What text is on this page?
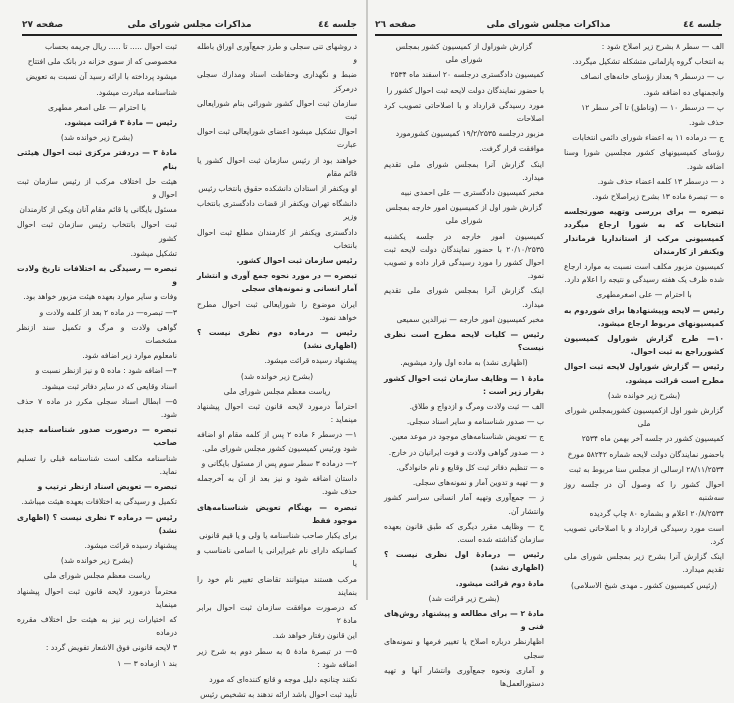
جلسه ٤٤
مذاکرات مجلس شورای ملی
صفحه ٢٧

د روشهای تنی سجلی و طرز جمع‌آوری اوراق باطله و

ضبط و نگهداری وحفاظت اسناد ومدارك سجلی درمرکز

سازمان ثبت احوال کشور شورائی بنام شورایعالی ثبت

احوال تشکیل میشود اعضای شورایعالی ثبت احوال عبارت

خواهند بود از رئیس سازمان ثبت احوال کشور یا قائم مقام

او ویکنفر از استادان دانشکده حقوق بانتخاب رئیس

دانشگاه تهران ویکنفر از قضات دادگستری بانتخاب وزیر

دادگستری ویکنفر از کارمندان مطلع ثبت احوال بانتخاب

رئیس سازمان ثبت احوال کشور.

تبصره — در مورد نحوه جمع آوری و انتشار آمار انسانی و نمونه‌های سجلی

ایران موضوع را شورایعالی ثبت احوال مطرح خواهد نمود.

رئیس — درماده دوم نظری نیست ؟ (اظهاری نشد)

پیشنهاد رسیده قرائت میشود.

(بشرح زیر خوانده شد)

ریاست معظم مجلس شورای ملی

احتراماً درمورد لایحه قانون ثبت احوال پیشنهاد مینماید :

۱— درسطر ۶ ماده ۲ پس از کلمه مقام او اضافه شود ورئیس کمیسیون کشور مجلس شورای ملی.

۲— درماده ۳ سطر سوم پس از مسئول بایگانی و

داستان اضافه شود و نیز بعد از آن به آخرجمله حذف شود.

تبصره — بهنگام تعویض شناسنامه‌های موجود فقط

برای یکبار صاحب شناسنامه یا ولی و یا قیم قانونی

کسانیکه دارای نام غیرایرانی یا اسامی نامناسب و یا

مرکب هستند میتوانند تقاضای تغییر نام خود را بنمایند

که درصورت موافقت سازمان ثبت احوال برابر مادهٔ ۲

این قانون رفتار خواهد شد.

۵— در تبصرهٔ مادهٔ ۵ به سطر دوم به شرح زیر اضافه شود :

نکنند چنانچه دلیل موجه و قانع کننده‌ای که مورد

تأیید ثبت احوال باشد ارائه ندهند به تشخیص رئیس

ثبت احوال ..... تا ..... ریال جریمه بحساب

مخصوصی که از سوی خزانه در بانک ملی افتتاح

میشود پرداخته با ارائه رسید آن نسبت به تعویض

شناسنامه مبادرت میشود.

با احترام — علی اصغر مطهری

رئیس — مادهٔ ۳ قرائت میشود.

(بشرح زیر خوانده شد)

مادهٔ ۳ — دردفتر مرکزی ثبت احوال هیئتی بنام

هیئت حل اختلاف مرکب از رئیس سازمان ثبت احوال و

مسئول بایگانی یا قائم مقام آنان ویکی از کارمندان

ثبت احوال بانتخاب رئیس سازمان ثبت احوال کشور

تشکیل میشود.

تبصره — رسیدگی به اختلافات تاریخ ولادت و

وفات و سایر موارد بعهده هیئت مزبور خواهد بود.

۳— تبصره— در ماده ۲ بعد از کلمه ولادت و

گواهی ولادت و مرگ و تکمیل سند ازنظر مشخصات

نامعلوم موارد زیر اضافه شود.

۴— اضافه شود : ماده ۵ و نیز ازنظر نسبت و

اسناد وقایعی که در سایر دفاتر ثبت میشود.

۵— ابطال اسناد سجلی مکرر در ماده ۷ حذف شود.

تبصره — درصورت صدور شناسنامه جدید صاحب

شناسنامه مکلف است شناسنامه قبلی را تسلیم نماید.

تبصره — تعویض اسناد ازنظر ترتیب و

تکمیل و رسیدگی به اختلافات بعهده هیئت میباشد.

رئیس — درماده ۳ نظری نیست ؟ (اظهاری نشد)

پیشنهاد رسیده قرائت میشود.

(بشرح زیر خوانده شد)

ریاست معظم مجلس شورای ملی

محترماً درمورد لایحه قانون ثبت احوال پیشنهاد مینماید

که اختیارات زیر نیز به هیئت حل اختلاف مقرره درماده

۳ لایحه قانونی فوق الاشعار تفویض گردد :

بند ۱ ازماده ۳ — ۱

جلسه ٤٤
مذاکرات مجلس شورای ملی
صفحه ٢٦

الف — سطر ۸ بشرح زیر اصلاح شود :

به انتخاب گروه پارلمانی متشکله تشکیل میگردد.

ب — درسطر ۹ بعداز رؤسای خانه‌های انصاف

وانجمنهای ده اضافه شود.

پ — درسطر ۱۰ — (وناطق) تا آخر سطر ۱۲

حذف شود.

ج — درماده ۱۱ به اعضاء شورای دائمی انتخابات

رؤسای کمیسیونهای کشور مجلسین شورا وسنا اضافه شود.

د — درسطر ۱۳ کلمه اعضاء حذف شود.

ه — تبصرهٔ ماده ۱۳ بشرح زیراصلاح شود.

تبصره — برای بررسی وتهیه صورتجلسه انتخابات که به شورا ارجاع میگردد کمیسیونی مرکب از استانداریا فرماندار ویکنفر از کارمندان

کمیسیون مزبور مکلف است نسبت به موارد ارجاع شده ظرف یک هفته رسیدگی و نتیجه را اعلام دارد.

با احترام — علی اصغرمطهری

رئیس — لایحه وپیشنهادها برای شوردوم به کمیسیونهای مربوط ارجاع میشود.

۱۰— طرح گزارش شوراول کمیسیون کشورراجع به ثبت احوال.

رئیس — گزارش شوراول لایحه ثبت احوال مطرح است قرائت میشود.

(بشرح زیر خوانده شد)

گزارش شور اول ازکمیسیون کشوربمجلس شورای ملی

کمیسیون کشور در جلسه آخر بهمن ماه ۲۵۳۴

باحضور نمایندگان دولت لایحه شماره ۵۸۲۴۲ مورخ

۲۸/۱۱/۲۵۳۴ ارسالی از مجلس سنا مربوط به ثبت

احوال کشور را که وصول آن در جلسه روز سه‌شنبه

۲۰/۸/۲۵۳۴ اعلام و بشماره ۸۰ چاپ گردیده

است مورد رسیدگی قرارداد و با اصلاحاتی تصویب کرد.

اینک گزارش آنرا بشرح زیر بمجلس شورای ملی تقدیم میدارد.

(رئیس کمیسیون کشور ـ مهدی شیخ الاسلامی)

گزارش شوراول از کمیسیون کشور بمجلس شورای ملی

کمیسیون دادگستری درجلسه ۲۰ اسفند ماه ۲۵۳۴

با حضور نمایندگان دولت لایحه ثبت احوال کشور را

مورد رسیدگی قرارداد و با اصلاحاتی تصویب کرد اصلاحات

مزبور درجلسه ۱۹/۲/۲۵۳۵ کمیسیون کشورمورد

موافقت قرار گرفت.

اینک گزارش آنرا بمجلس شورای ملی تقدیم میدارد.

مخبر کمیسیون دادگستری — علی احمدی نبیه

گزارش شور اول از کمیسیون امور خارجه بمجلس شورای ملی

کمیسیون امور خارجه در جلسه یکشنبه ۲۰/۱۰/۲۵۳۵ با حضور نمایندگان دولت لایحه ثبت احوال کشور را مورد رسیدگی قرار داده و تصویب نمود.

اینک گزارش آنرا بمجلس شورای ملی تقدیم میدارد.

مخبر کمیسیون امور خارجه — نیرالدین سمیعی

رئیس — کلیات لایحه مطرح است نظری نیست؟

(اظهاری نشد) به ماده اول وارد میشویم.

مادهٔ ۱ — وظایف سازمان ثبت احوال کشور بقرار زیر است :

الف — ثبت ولادت ومرگ و ازدواج و طلاق.

ب — صدور شناسنامه و سایر اسناد سجلی.

ج — تعویض شناسنامه‌های موجود در موعد معین.

د — صدور گواهی ولادت و فوت ایرانیان در خارج.

ه — تنظیم دفاتر ثبت کل وقایع و نام خانوادگی.

و — تهیه و تدوین آمار و نمونه‌های سجلی.

ز — جمع‌آوری وتهیه آمار انسانی سراسر کشور وانتشار آن.

ح — وظایف مقرر دیگری که طبق قانون بعهده سازمان گذاشته شده است.

رئیس — درمادهٔ اول نظری نیست ؟ (اظهاری نشد)

مادهٔ دوم قرائت میشود.

(بشرح زیر قرائت شد)

مادهٔ ۲ — برای مطالعه و پیشنهاد روش‌های فنی و

اظهارنظر درباره اصلاح یا تغییر فرمها و نمونه‌های سجلی

و آماری ونحوه جمع‌آوری وانتشار آنها و تهیه دستورالعمل‌ها
